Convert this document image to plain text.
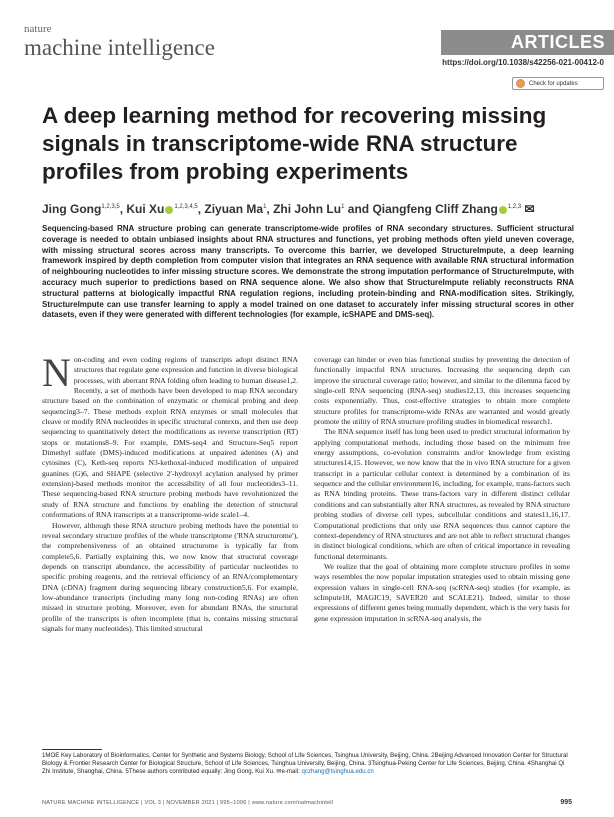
nature
machine intelligence	ARTICLES
https://doi.org/10.1038/s42256-021-00412-0
Check for updates
A deep learning method for recovering missing signals in transcriptome-wide RNA structure profiles from probing experiments
Jing Gong$^{1,2,3,5}$, Kui Xu $^{1,2,3,4,5}$, Ziyuan Ma$^1$, Zhi John Lu$^1$ and Qiangfeng Cliff Zhang $^{1,2,3}$ ✉
Sequencing-based RNA structure probing can generate transcriptome-wide profiles of RNA secondary structures. Sufficient structural coverage is needed to obtain unbiased insights about RNA structures and functions, yet probing methods often yield uneven coverage, with missing structural scores across many transcripts. To overcome this barrier, we developed StructureImpute, a deep learning framework inspired by depth completion from computer vision that integrates an RNA sequence with available RNA structural information of neighbouring nucleotides to infer missing structure scores. We demonstrate the strong imputation performance of StructureImpute, with accuracy much superior to predictions based on RNA sequence alone. We also show that StructureImpute reliably reconstructs RNA structural patterns at biologically impactful RNA regulation regions, including protein-binding and RNA-modification sites. Strikingly, StructureImpute can use transfer learning to apply a model trained on one dataset to accurately infer missing structural scores in other datasets, even if they were generated with different technologies (for example, icSHAPE and DMS-seq).
N on-coding and even coding regions of transcripts adopt distinct RNA structures that regulate gene expression and function in diverse biological processes, with aberrant RNA folding often leading to human disease1,2. Recently, a set of methods have been developed to map RNA secondary structure based on the combination of enzymatic or chemical probing and deep sequencing3–7. These methods exploit RNA enzymes or small molecules that cleave or modify RNA nucleotides in specific structural contexts, and then use deep sequencing to quantitatively detect the modifications as reverse transcription (RT) stops or mutations8–9. For example, DMS-seq4 and Structure-Seq5 report Dimethyl sulfate (DMS)-induced modifications at unpaired adenines (A) and cytosines (C), Keth-seq reports N3-kethoxal-induced modification of unpaired guanines (G)6, and SHAPE (selective 2′-hydroxyl acylation analysed by primer extension)-based methods monitor the accessibility of all four nucleotides3–11. These sequencing-based RNA structure probing methods have revolutionized the study of RNA structure and functions by enabling the detection of structural conformations of RNA transcripts at a transcriptome-wide scale1–4.

However, although these RNA structure probing methods have the potential to reveal secondary structure profiles of the whole transcriptome ('RNA structurome'), the comprehensiveness of an obtained structurome is typically far from complete5,6. Partially explaining this, we now know that structural coverage depends on transcript abundance, the accessibility of particular nucleotides to specific probing reagents, and the retrieval efficiency of an RNA/complementary DNA (cDNA) fragment during sequencing library construction5,6. For example, low-abundance transcripts (including many long non-coding RNAs) are often missed in structure probing. Moreover, even for abundant RNAs, the structural profile of the transcripts is often incomplete (that is, contains missing structural signals for many nucleotides). This limited structural

coverage can hinder or even bias functional studies by preventing the detection of functionally impactful RNA structures. Increasing the sequencing depth can improve the structural coverage ratio; however, and similar to the dilemma faced by single-cell RNA sequencing (RNA-seq) studies12,13, this increases sequencing costs exponentially. Thus, cost-effective strategies to obtain more complete structure profiles for transcriptome-wide RNAs are warranted and would greatly promote the utility of RNA structure profiling studies in biomedical research1.

The RNA sequence itself has long been used to predict structural information by applying computational methods, including those based on the minimum free energy assumptions, co-evolution constraints and/or knowledge from existing structures14,15. However, we now know that the in vivo RNA structure for a given transcript in a particular cellular context is determined by a combination of its sequence and the cellular environment16, including, for example, trans-factors such as RNA binding proteins. These trans-factors vary in different distinct cellular conditions and can substantially alter RNA structures, as revealed by RNA structure probing studies of diverse cell types, subcellular conditions and states11,16,17. Computational predictions that only use RNA sequences thus cannot capture the context-dependency of RNA structures and are not able to reflect structural changes in distinct biological conditions, which are often of critical importance in revealing functional determinants.

We realize that the goal of obtaining more complete structure profiles in some ways resembles the now popular imputation strategies used to obtain missing gene expression values in single-cell RNA-seq (scRNA-seq) studies (for example, as scImpute18, MAGIC19, SAVER20 and SCALE21). Indeed, similar to those expressions of different genes being mutually dependent, which is the very basis for gene expression imputation in scRNA-seq analysis, the

1MOE Key Laboratory of Bioinformatics, Center for Synthetic and Systems Biology, School of Life Sciences, Tsinghua University, Beijing, China. 2Beijing Advanced Innovation Center for Structural Biology & Frontier Research Center for Biological Structure, School of Life Sciences, Tsinghua University, Beijing, China. 3Tsinghua-Peking Center for Life Sciences, Beijing, China. 4Shanghai Qi Zhi Institute, Shanghai, China. 5These authors contributed equally: Jing Gong, Kui Xu. ✉e-mail: qczhang@tsinghua.edu.cn
NATURE MACHINE INTELLIGENCE | VOL 3 | NOVEMBER 2021 | 995–1006 | www.nature.com/natmachintell	995
